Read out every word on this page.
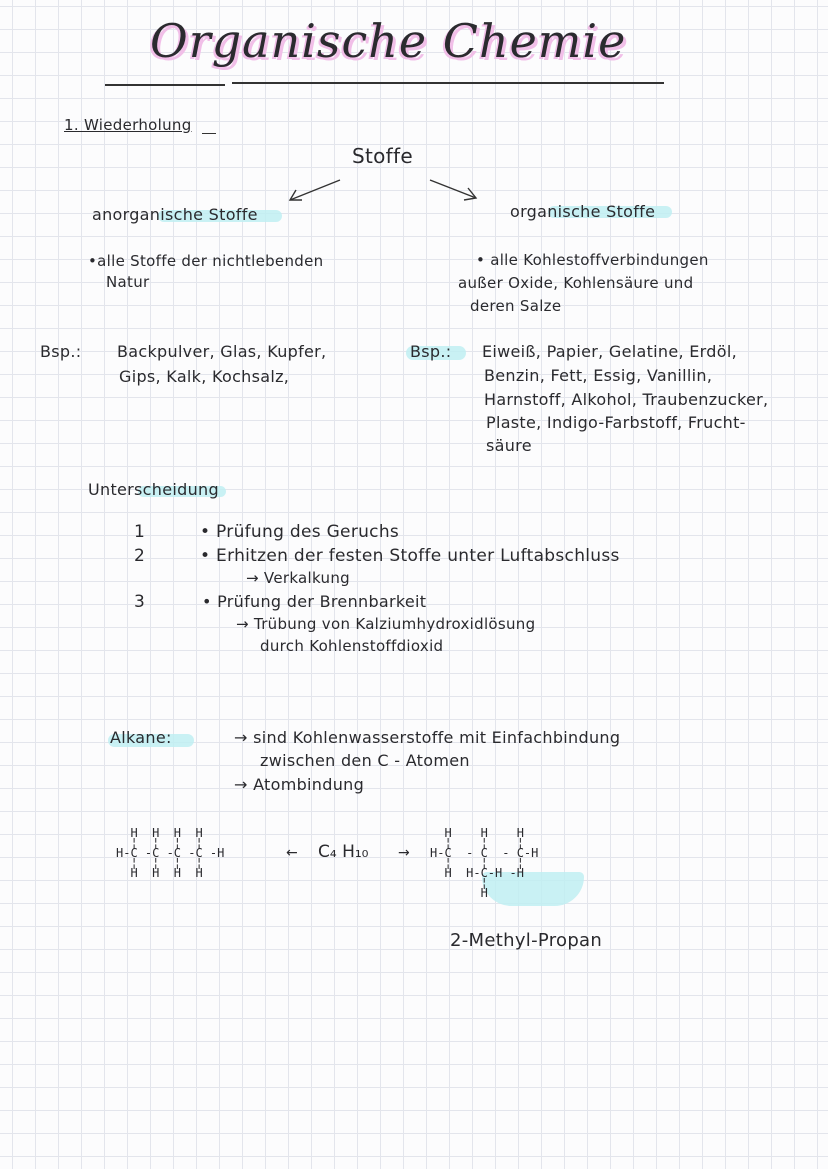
Organische Chemie
1. Wiederholung
Stoffe
anorganische Stoffe
•alle Stoffe der nichtlebenden
Natur
organische Stoffe
• alle Kohlestoffverbindungen
außer Oxide, Kohlensäure und
deren Salze
Bsp.: Backpulver, Glas, Kupfer,
Gips, Kalk, Kochsalz,
Bsp.: Eiweiß, Papier, Gelatine, Erdöl,
Benzin, Fett, Essig, Vanillin,
Harnstoff, Alkohol, Traubenzucker,
Plaste, Indigo-Farbstoff, Frucht-
säure
Unterscheidung
1	• Prüfung des Geruchs
2	• Erhitzen der festen Stoffe unter Luftabschluss
→ Verkalkung
3	• Prüfung der Brennbarkeit
→ Trübung von Kalziumhydroxidlösung
durch Kohlenstoffdioxid
Alkane:	→ sind Kohlenwasserstoffe mit Einfachbindung
zwischen den C - Atomen
→ Atombindung
H  H  H  H
¦  ¦  ¦  ¦
H-C -C -C -C -H
¦  ¦  ¦  ¦
H  H  H  H
← C₄ H₁₀ →
H    H    H
¦    ¦    ¦
H-C  - C  - C-H
¦    ¦    ¦
H  H-C-H -H
¦
H
2-Methyl-Propan
